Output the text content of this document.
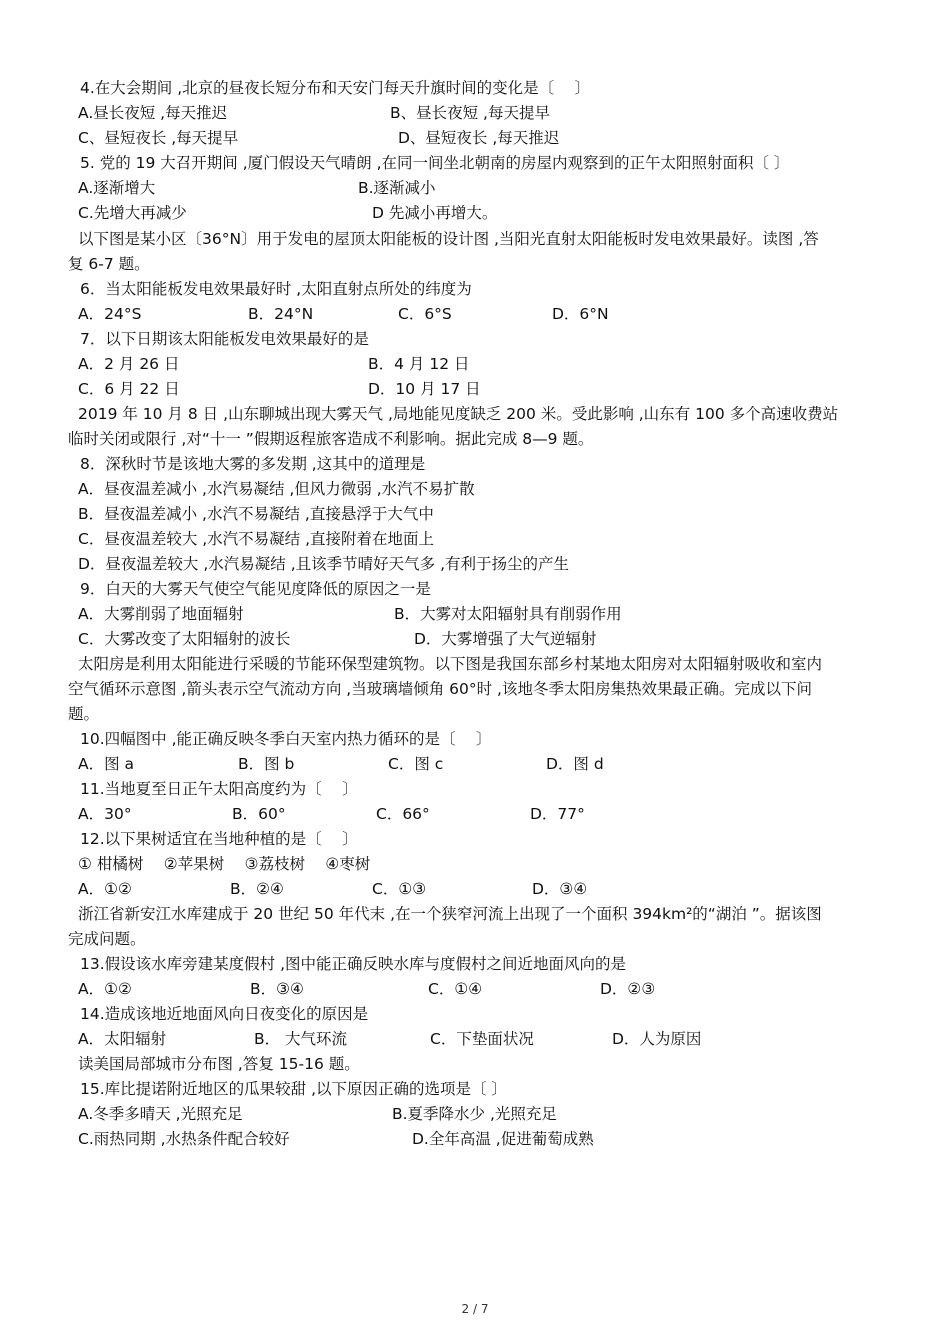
4.在大会期间 ,北京的昼夜长短分布和天安门每天升旗时间的变化是〔　 〕
A.昼长夜短 ,每天推迟	B、昼长夜短 ,每天提早
C、昼短夜长 ,每天提早	D、昼短夜长 ,每天推迟
5. 党的 19 大召开期间 ,厦门假设天气晴朗 ,在同一间坐北朝南的房屋内观察到的正午太阳照射面积〔 〕
A.逐渐增大	B.逐渐减小
C.先增大再减少	D 先减小再增大。
以下图是某小区〔36°N〕用于发电的屋顶太阳能板的设计图 ,当阳光直射太阳能板时发电效果最好。读图 ,答
复 6-7 题。
6．当太阳能板发电效果最好时 ,太阳直射点所处的纬度为
A．24°S	B．24°N	C．6°S	D．6°N
7．以下日期该太阳能板发电效果最好的是
A．2 月 26 日	B．4 月 12 日
C．6 月 22 日	D．10 月 17 日
2019 年 10 月 8 日 ,山东聊城出现大雾天气 ,局地能见度缺乏 200 米。受此影响 ,山东有 100 多个高速收费站
临时关闭或限行 ,对“十一 ”假期返程旅客造成不利影响。据此完成 8—9 题。
8．深秋时节是该地大雾的多发期 ,这其中的道理是
A．昼夜温差减小 ,水汽易凝结 ,但风力微弱 ,水汽不易扩散
B．昼夜温差减小 ,水汽不易凝结 ,直接悬浮于大气中
C．昼夜温差较大 ,水汽不易凝结 ,直接附着在地面上
D．昼夜温差较大 ,水汽易凝结 ,且该季节晴好天气多 ,有利于扬尘的产生
9．白天的大雾天气使空气能见度降低的原因之一是
A．大雾削弱了地面辐射	B．大雾对太阳辐射具有削弱作用
C．大雾改变了太阳辐射的波长	D．大雾增强了大气逆辐射
太阳房是利用太阳能进行采暖的节能环保型建筑物。以下图是我国东部乡村某地太阳房对太阳辐射吸收和室内
空气循环示意图 ,箭头表示空气流动方向 ,当玻璃墙倾角 60°时 ,该地冬季太阳房集热效果最正确。完成以下问
题。
10.四幅图中 ,能正确反映冬季白天室内热力循环的是〔　 〕
A．图 a	B．图 b	C．图 c	D．图 d
11.当地夏至日正午太阳高度约为〔　 〕
A．30°	B．60°	C．66°	D．77°
12.以下果树适宜在当地种植的是〔　 〕
① 柑橘树　 ②苹果树　 ③荔枝树　 ④枣树
A．①②	B．②④	C．①③	D．③④
浙江省新安江水库建成于 20 世纪 50 年代末 ,在一个狭窄河流上出现了一个面积 394km²的“湖泊 ”。据该图
完成问题。
13.假设该水库旁建某度假村 ,图中能正确反映水库与度假村之间近地面风向的是
A．①②	B．③④	C．①④	D．②③
14.造成该地近地面风向日夜变化的原因是
A．太阳辐射	B． 大气环流	C．下垫面状况	D．人为原因
读美国局部城市分布图 ,答复 15-16 题。
15.库比提诺附近地区的瓜果较甜 ,以下原因正确的选项是〔 〕
A.冬季多晴天 ,光照充足	B.夏季降水少 ,光照充足
C.雨热同期 ,水热条件配合较好	D.全年高温 ,促进葡萄成熟
2 / 7
